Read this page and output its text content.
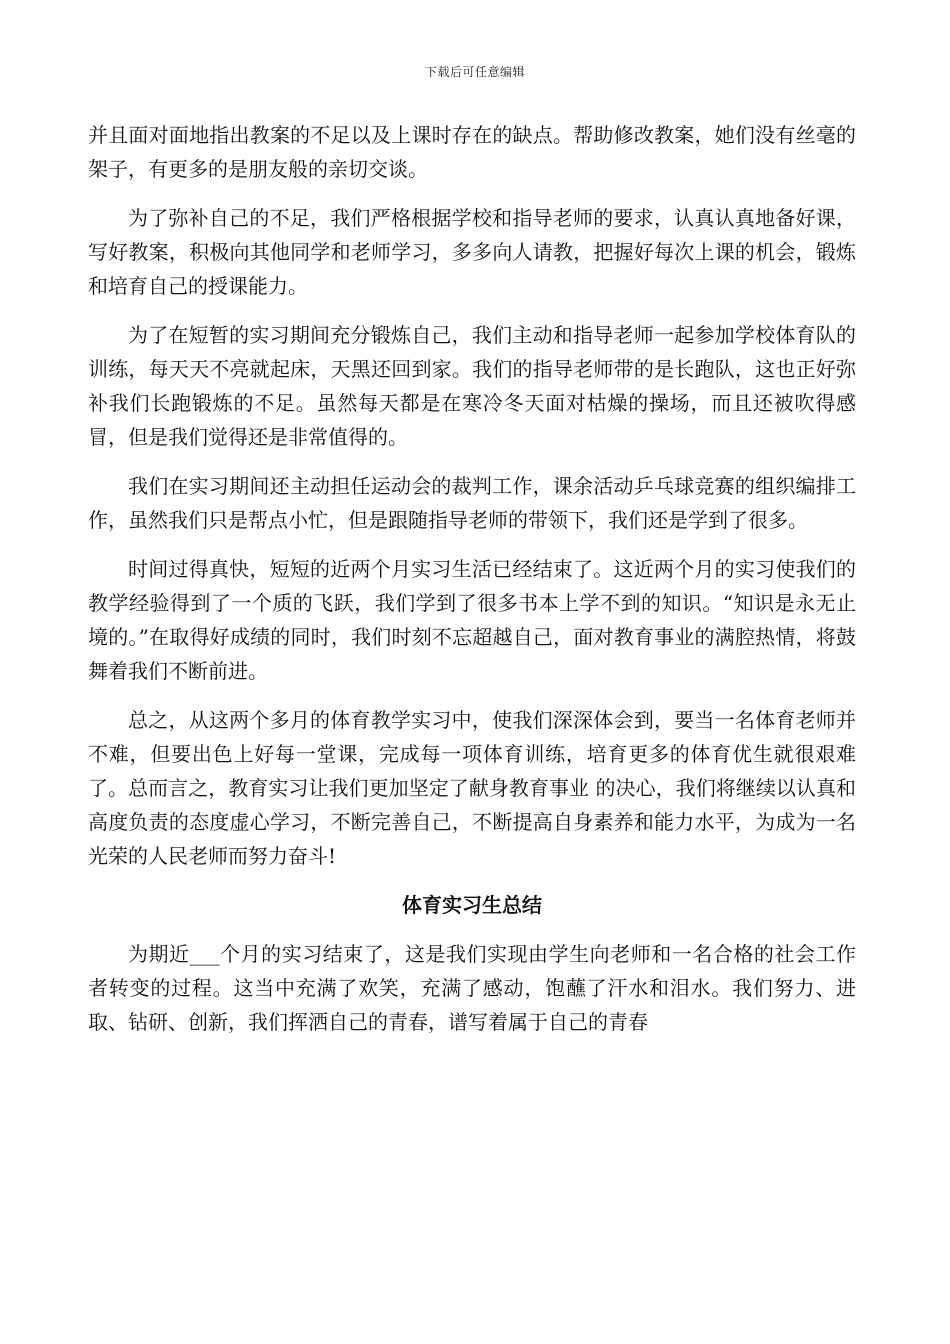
下载后可任意编辑

并且面对面地指出教案的不足以及上课时存在的缺点。帮助修改教案，她们没有丝毫的架子，有更多的是朋友般的亲切交谈。

为了弥补自己的不足，我们严格根据学校和指导老师的要求，认真认真地备好课，写好教案，积极向其他同学和老师学习，多多向人请教，把握好每次上课的机会，锻炼和培育自己的授课能力。

为了在短暂的实习期间充分锻炼自己，我们主动和指导老师一起参加学校体育队的训练，每天天不亮就起床，天黑还回到家。我们的指导老师带的是长跑队，这也正好弥补我们长跑锻炼的不足。虽然每天都是在寒冷冬天面对枯燥的操场，而且还被吹得感冒，但是我们觉得还是非常值得的。

我们在实习期间还主动担任运动会的裁判工作，课余活动乒乓球竞赛的组织编排工作，虽然我们只是帮点小忙，但是跟随指导老师的带领下，我们还是学到了很多。

时间过得真快，短短的近两个月实习生活已经结束了。这近两个月的实习使我们的教学经验得到了一个质的飞跃，我们学到了很多书本上学不到的知识。“知识是永无止境的。”在取得好成绩的同时，我们时刻不忘超越自己，面对教育事业的满腔热情，将鼓舞着我们不断前进。

总之，从这两个多月的体育教学实习中，使我们深深体会到，要当一名体育老师并不难，但要出色上好每一堂课，完成每一项体育训练，培育更多的体育优生就很艰难了。总而言之，教育实习让我们更加坚定了献身教育事业 的决心，我们将继续以认真和高度负责的态度虚心学习，不断完善自己，不断提高自身素养和能力水平，为成为一名光荣的人民老师而努力奋斗!

体育实习生总结

为期近___个月的实习结束了，这是我们实现由学生向老师和一名合格的社会工作者转变的过程。这当中充满了欢笑，充满了感动，饱蘸了汗水和泪水。我们努力、进取、钻研、创新，我们挥洒自己的青春，谱写着属于自己的青春
